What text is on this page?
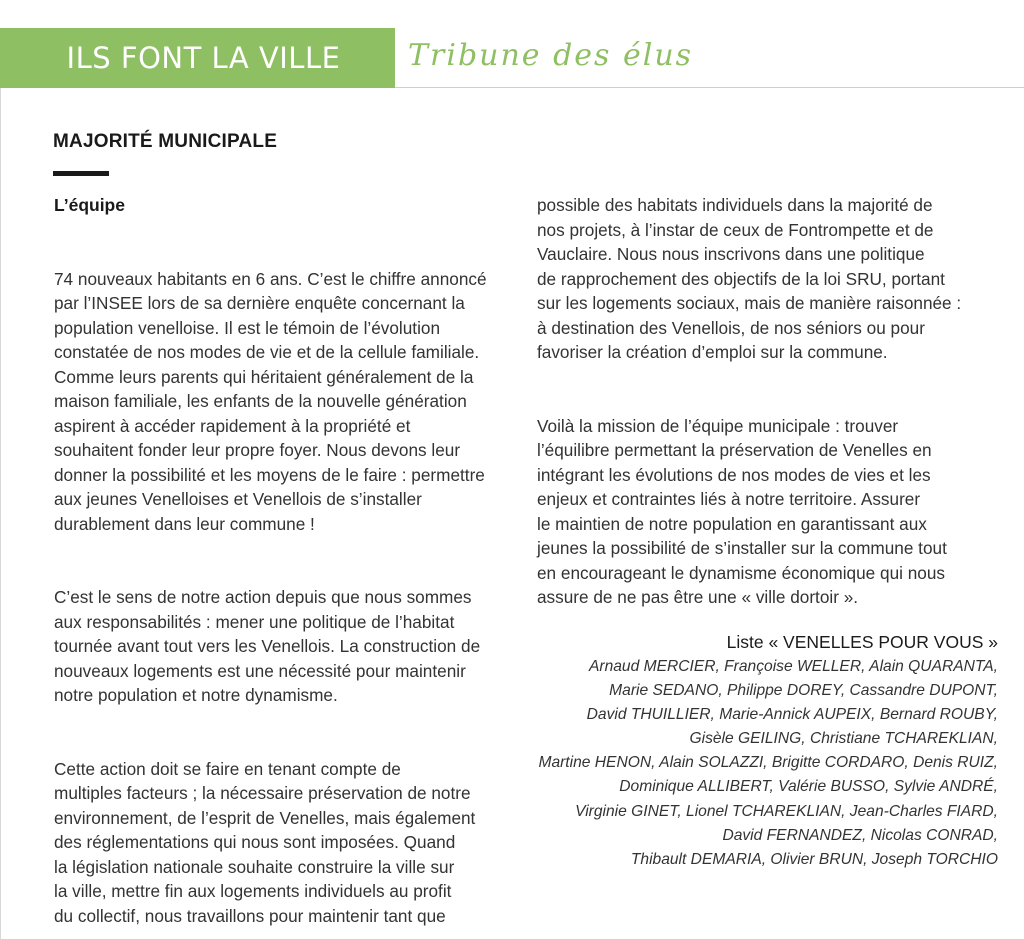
ILS FONT LA VILLE Tribune des élus
MAJORITÉ MUNICIPALE

L’équipe

74 nouveaux habitants en 6 ans. C’est le chiffre annoncé

par l’INSEE lors de sa dernière enquête concernant la

population venelloise. Il est le témoin de l’évolution

constatée de nos modes de vie et de la cellule familiale.

Comme leurs parents qui héritaient généralement de la

maison familiale, les enfants de la nouvelle génération

aspirent à accéder rapidement à la propriété et

souhaitent fonder leur propre foyer. Nous devons leur

donner la possibilité et les moyens de le faire : permettre

aux jeunes Venelloises et Venellois de s’installer

durablement dans leur commune !

C’est le sens de notre action depuis que nous sommes

aux responsabilités : mener une politique de l’habitat

tournée avant tout vers les Venellois. La construction de

nouveaux logements est une nécessité pour maintenir

notre population et notre dynamisme.

Cette action doit se faire en tenant compte de

multiples facteurs ; la nécessaire préservation de notre

environnement, de l’esprit de Venelles, mais également

des réglementations qui nous sont imposées. Quand

la législation nationale souhaite construire la ville sur

la ville, mettre fin aux logements individuels au profit

du collectif, nous travaillons pour maintenir tant que

possible des habitats individuels dans la majorité de

nos projets, à l’instar de ceux de Fontrompette et de

Vauclaire. Nous nous inscrivons dans une politique

de rapprochement des objectifs de la loi SRU, portant

sur les logements sociaux, mais de manière raisonnée :

à destination des Venellois, de nos séniors ou pour

favoriser la création d’emploi sur la commune.

Voilà la mission de l’équipe municipale : trouver

l’équilibre permettant la préservation de Venelles en

intégrant les évolutions de nos modes de vies et les

enjeux et contraintes liés à notre territoire. Assurer

le maintien de notre population en garantissant aux

jeunes la possibilité de s’installer sur la commune tout

en encourageant le dynamisme économique qui nous

assure de ne pas être une « ville dortoir ».

Liste « VENELLES POUR VOUS »

Arnaud MERCIER, Françoise WELLER, Alain QUARANTA,

Marie SEDANO, Philippe DOREY, Cassandre DUPONT,

David THUILLIER, Marie-Annick AUPEIX, Bernard ROUBY,

Gisèle GEILING, Christiane TCHAREKLIAN,

Martine HENON, Alain SOLAZZI, Brigitte CORDARO, Denis RUIZ,

Dominique ALLIBERT, Valérie BUSSO, Sylvie ANDRÉ,

Virginie GINET, Lionel TCHAREKLIAN, Jean-Charles FIARD,

David FERNANDEZ, Nicolas CONRAD,

Thibault DEMARIA, Olivier BRUN, Joseph TORCHIO
